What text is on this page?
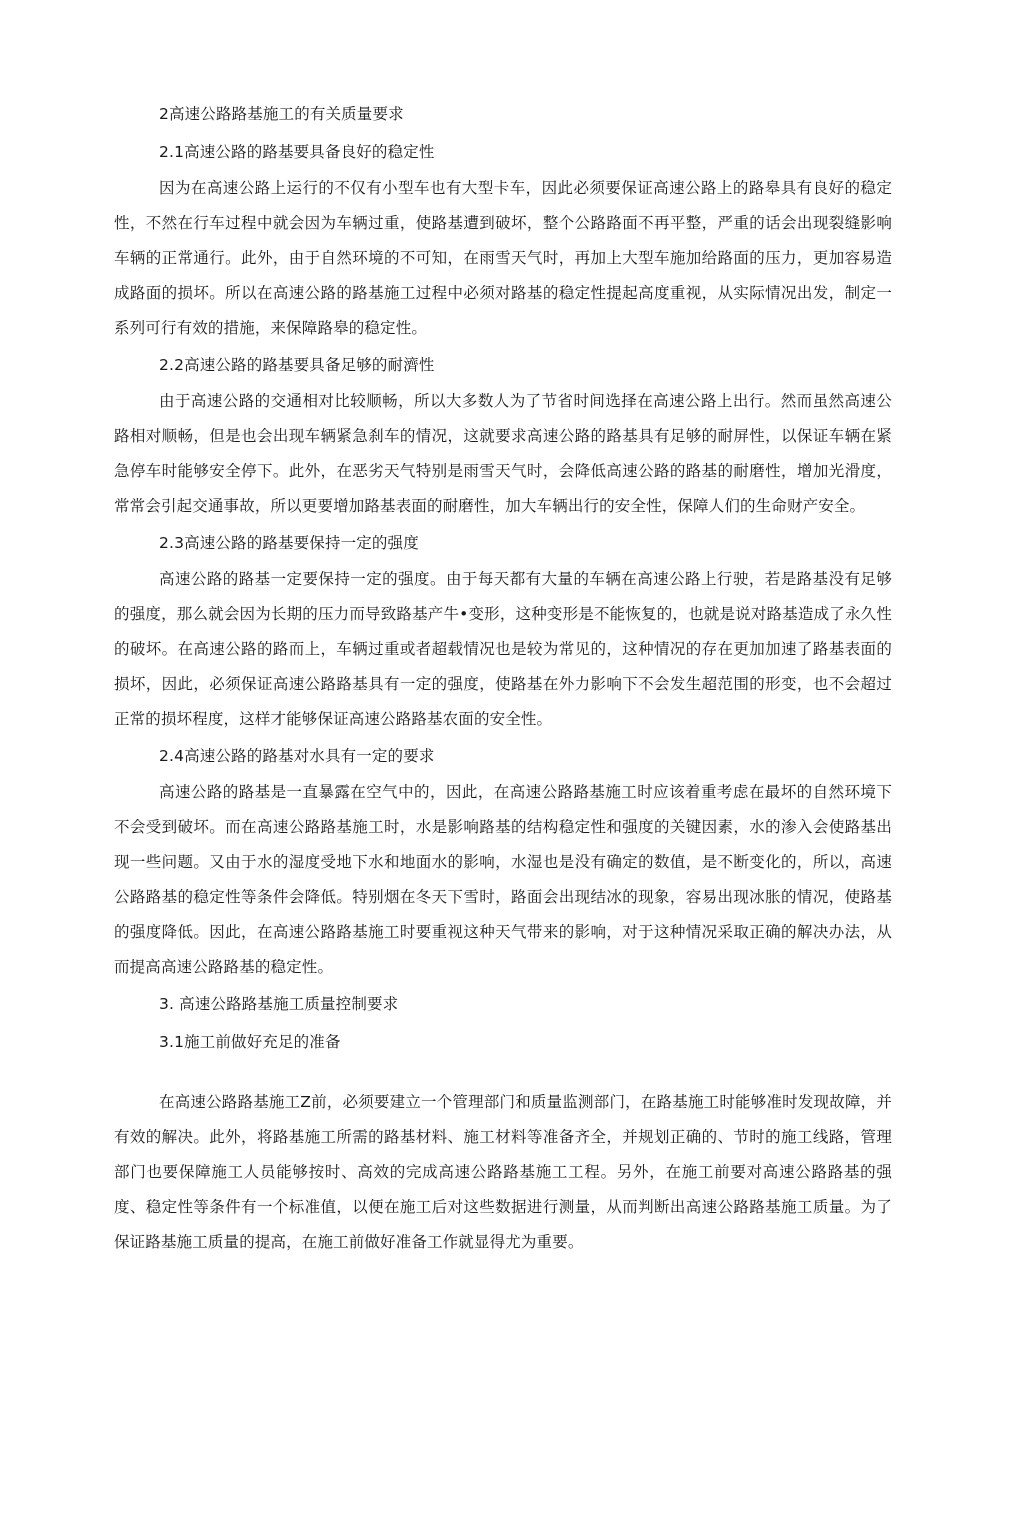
2高速公路路基施工的有关质量要求
2.1高速公路的路基要具备良好的稳定性

因为在高速公路上运行的不仅有小型车也有大型卡车，因此必须要保证高速公路上的路皋具有良好的稳定性，不然在行车过程中就会因为车辆过重，使路基遭到破坏，整个公路路面不再平整，严重的话会出现裂缝影响车辆的正常通行。此外，由于自然环境的不可知，在雨雪天气时，再加上大型车施加给路面的压力，更加容易造成路面的损坏。所以在高速公路的路基施工过程中必须对路基的稳定性提起高度重视，从实际情况出发，制定一系列可行有效的措施，来保障路皋的稳定性。

2.2高速公路的路基要具备足够的耐濟性

由于高速公路的交通相对比较顺畅，所以大多数人为了节省时间选择在高速公路上出行。然而虽然高速公路相对顺畅，但是也会出现车辆紧急刹车的情况，这就要求高速公路的路基具有足够的耐屏性，以保证车辆在紧急停车时能够安全停下。此外，在恶劣天气特别是雨雪天气时，会降低高速公路的路基的耐磨性，增加光滑度，常常会引起交通事故，所以更要增加路基表面的耐磨性，加大车辆出行的安全性，保障人们的生命财产安全。

2.3高速公路的路基要保持一定的强度

高速公路的路基一定要保持一定的强度。由于每天都有大量的车辆在高速公路上行驶，若是路基没有足够的强度，那么就会因为长期的压力而导致路基产牛•变形，这种变形是不能恢复的，也就是说对路基造成了永久性的破坏。在高速公路的路而上，车辆过重或者超载情况也是较为常见的，这种情况的存在更加加速了路基表面的损坏，因此，必须保证高速公路路基具有一定的强度，使路基在外力影响下不会发生超范围的形变，也不会超过正常的损坏程度，这样才能够保证高速公路路基农面的安全性。

2.4高速公路的路基对水具有一定的要求

高速公路的路基是一直暴露在空气中的，因此，在高速公路路基施工时应该着重考虑在最坏的自然环境下不会受到破坏。而在高速公路路基施工时，水是影响路基的结构稳定性和强度的关键因素，水的渗入会使路基出现一些问题。又由于水的湿度受地下水和地面水的影响，水湿也是没有确定的数值，是不断变化的，所以，高速公路路基的稳定性等条件会降低。特别烟在冬天下雪时，路面会出现结冰的现象，容易出现冰胀的情况，使路基的强度降低。因此，在高速公路路基施工时要重视这种天气带来的影响，对于这种情况采取正确的解决办法，从而提高高速公路路基的稳定性。

3. 高速公路路基施工质量控制要求
3.1施工前做好充足的准备

在高速公路路基施工Z前，必须要建立一个管理部门和质量监测部门，在路基施工时能够准时发现故障，并有效的解决。此外，将路基施工所需的路基材料、施工材料等准备齐全，并规划正确的、节时的施工线路，管理部门也要保障施工人员能够按时、高效的完成高速公路路基施工工程。另外，在施工前要对高速公路路基的强度、稳定性等条件有一个标准值，以便在施工后对这些数据进行测量，从而判断出高速公路路基施工质量。为了保证路基施工质量的提高，在施工前做好准备工作就显得尤为重要。
